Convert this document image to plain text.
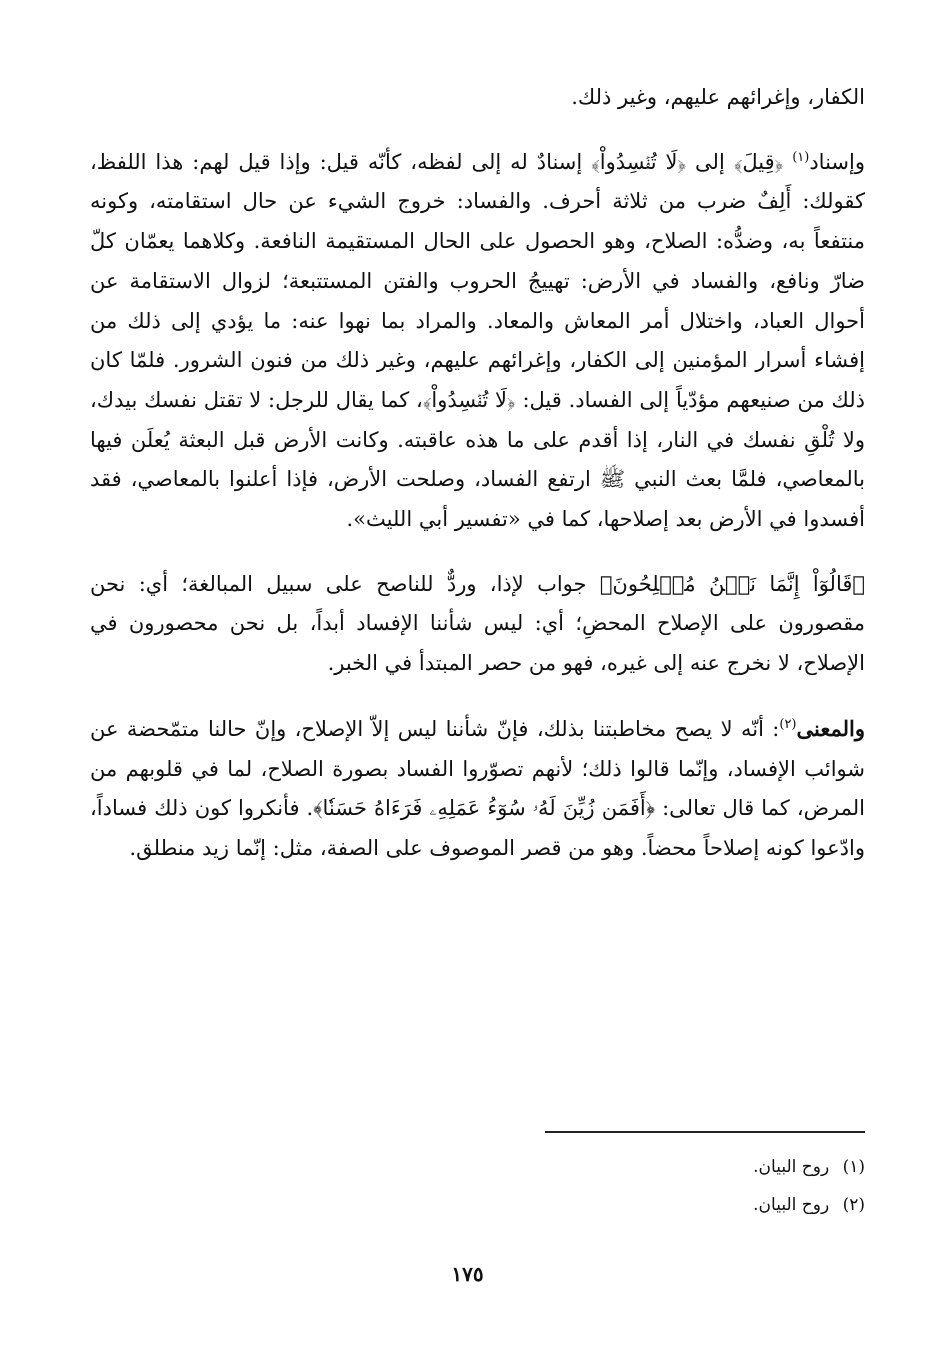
الكفار، وإغرائهم عليهم، وغير ذلك.

وإسناد$^{(١)}$ ﴿قِيلَ﴾ إلى ﴿لَا تُفۡسِدُواْ﴾ إسنادٌ له إلى لفظه، كأنّه قيل: وإذا قيل لهم: هذا اللفظ، كقولك: أَلِفٌ ضرب من ثلاثة أحرف. والفساد: خروج الشيء عن حال استقامته، وكونه منتفعاً به، وضدُّه: الصلاح، وهو الحصول على الحال المستقيمة النافعة. وكلاهما يعمّان كلّ ضارّ ونافع، والفساد في الأرض: تهييجُ الحروب والفتن المستتبعة؛ لزوال الاستقامة عن أحوال العباد، واختلال أمر المعاش والمعاد. والمراد بما نهوا عنه: ما يؤدي إلى ذلك من إفشاء أسرار المؤمنين إلى الكفار، وإغرائهم عليهم، وغير ذلك من فنون الشرور. فلمّا كان ذلك من صنيعهم مؤدّياً إلى الفساد. قيل: ﴿لَا تُفۡسِدُواْ﴾، كما يقال للرجل: لا تقتل نفسك بيدك، ولا تُلْقِ نفسك في النار، إذا أقدم على ما هذه عاقبته. وكانت الأرض قبل البعثة يُعلَن فيها بالمعاصي، فلمَّا بعث النبي ﷺ ارتفع الفساد، وصلحت الأرض، فإذا أعلنوا بالمعاصي، فقد أفسدوا في الأرض بعد إصلاحها، كما في «تفسير أبي الليث».

﴿قَالُوٓاْ إِنَّمَا نَحۡنُ مُصۡلِحُونَ﴾ جواب لإذا، وردٌّ للناصح على سبيل المبالغة؛ أي: نحن مقصورون على الإصلاح المحضِ؛ أي: ليس شأننا الإفساد أبداً، بل نحن محصورون في الإصلاح، لا نخرج عنه إلى غيره، فهو من حصر المبتدأ في الخبر.

والمعنى$^{(٢)}$: أنّه لا يصح مخاطبتنا بذلك، فإنّ شأننا ليس إلاّ الإصلاح، وإنّ حالنا متمّحضة عن شوائب الإفساد، وإنّما قالوا ذلك؛ لأنهم تصوّروا الفساد بصورة الصلاح، لما في قلوبهم من المرض، كما قال تعالى: ﴿أَفَمَن زُيِّنَ لَهُۥ سُوٓءُ عَمَلِهِۦ فَرَءَاهُ حَسَنٗا﴾. فأنكروا كون ذلك فساداً، وادّعوا كونه إصلاحاً محضاً. وهو من قصر الموصوف على الصفة، مثل: إنّما زيد منطلق.

(١) روح البيان.
(٢) روح البيان.
١٧٥
